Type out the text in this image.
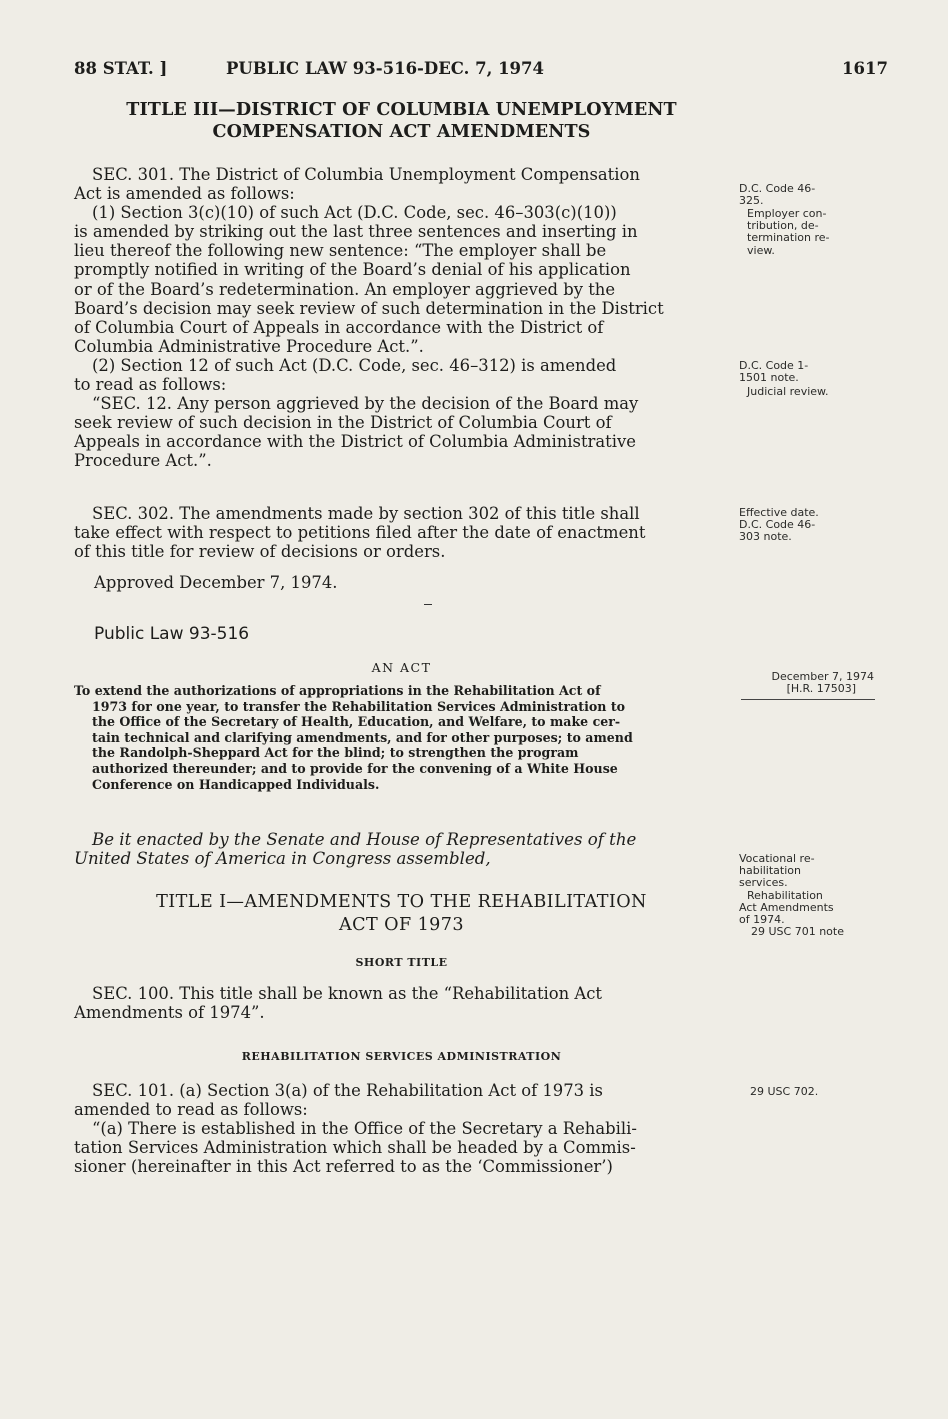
88 STAT. ]	PUBLIC LAW 93-516-DEC. 7, 1974	1617
TITLE III—DISTRICT OF COLUMBIA UNEMPLOYMENT
COMPENSATION ACT AMENDMENTS
SEC. 301. The District of Columbia Unemployment Compensation
Act is amended as follows:
(1) Section 3(c)(10) of such Act (D.C. Code, sec. 46–303(c)(10))
is amended by striking out the last three sentences and inserting in
lieu thereof the following new sentence: “The employer shall be
promptly notified in writing of the Board’s denial of his application
or of the Board’s redetermination. An employer aggrieved by the
Board’s decision may seek review of such determination in the District
of Columbia Court of Appeals in accordance with the District of
Columbia Administrative Procedure Act.”.
(2) Section 12 of such Act (D.C. Code, sec. 46–312) is amended
to read as follows:
“SEC. 12. Any person aggrieved by the decision of the Board may
seek review of such decision in the District of Columbia Court of
Appeals in accordance with the District of Columbia Administrative
Procedure Act.”.
SEC. 302. The amendments made by section 302 of this title shall
take effect with respect to petitions filed after the date of enactment
of this title for review of decisions or orders.
Approved December 7, 1974.
Public Law 93-516
AN ACT
To extend the authorizations of appropriations in the Rehabilitation Act of
1973 for one year, to transfer the Rehabilitation Services Administration to
the Office of the Secretary of Health, Education, and Welfare, to make cer-
tain technical and clarifying amendments, and for other purposes; to amend
the Randolph-Sheppard Act for the blind; to strengthen the program
authorized thereunder; and to provide for the convening of a White House
Conference on Handicapped Individuals.
Be it enacted by the Senate and House of Representatives of the
United States of America in Congress assembled,
TITLE I—AMENDMENTS TO THE REHABILITATION
ACT OF 1973
SHORT TITLE
SEC. 100. This title shall be known as the “Rehabilitation Act
Amendments of 1974”.
REHABILITATION SERVICES ADMINISTRATION
SEC. 101. (a) Section 3(a) of the Rehabilitation Act of 1973 is
amended to read as follows:
“(a) There is established in the Office of the Secretary a Rehabili-
tation Services Administration which shall be headed by a Commis-
sioner (hereinafter in this Act referred to as the ‘Commissioner’)
D.C. Code 46-
325.
Employer con-
tribution, de-
termination re-
view.
D.C. Code 1-
1501 note.
Judicial review.
Effective date.
D.C. Code 46-
303 note.
December 7, 1974
[H.R. 17503]
Vocational re-
habilitation
services.
Rehabilitation
Act Amendments
of 1974.
29 USC 701 note
29 USC 702.
